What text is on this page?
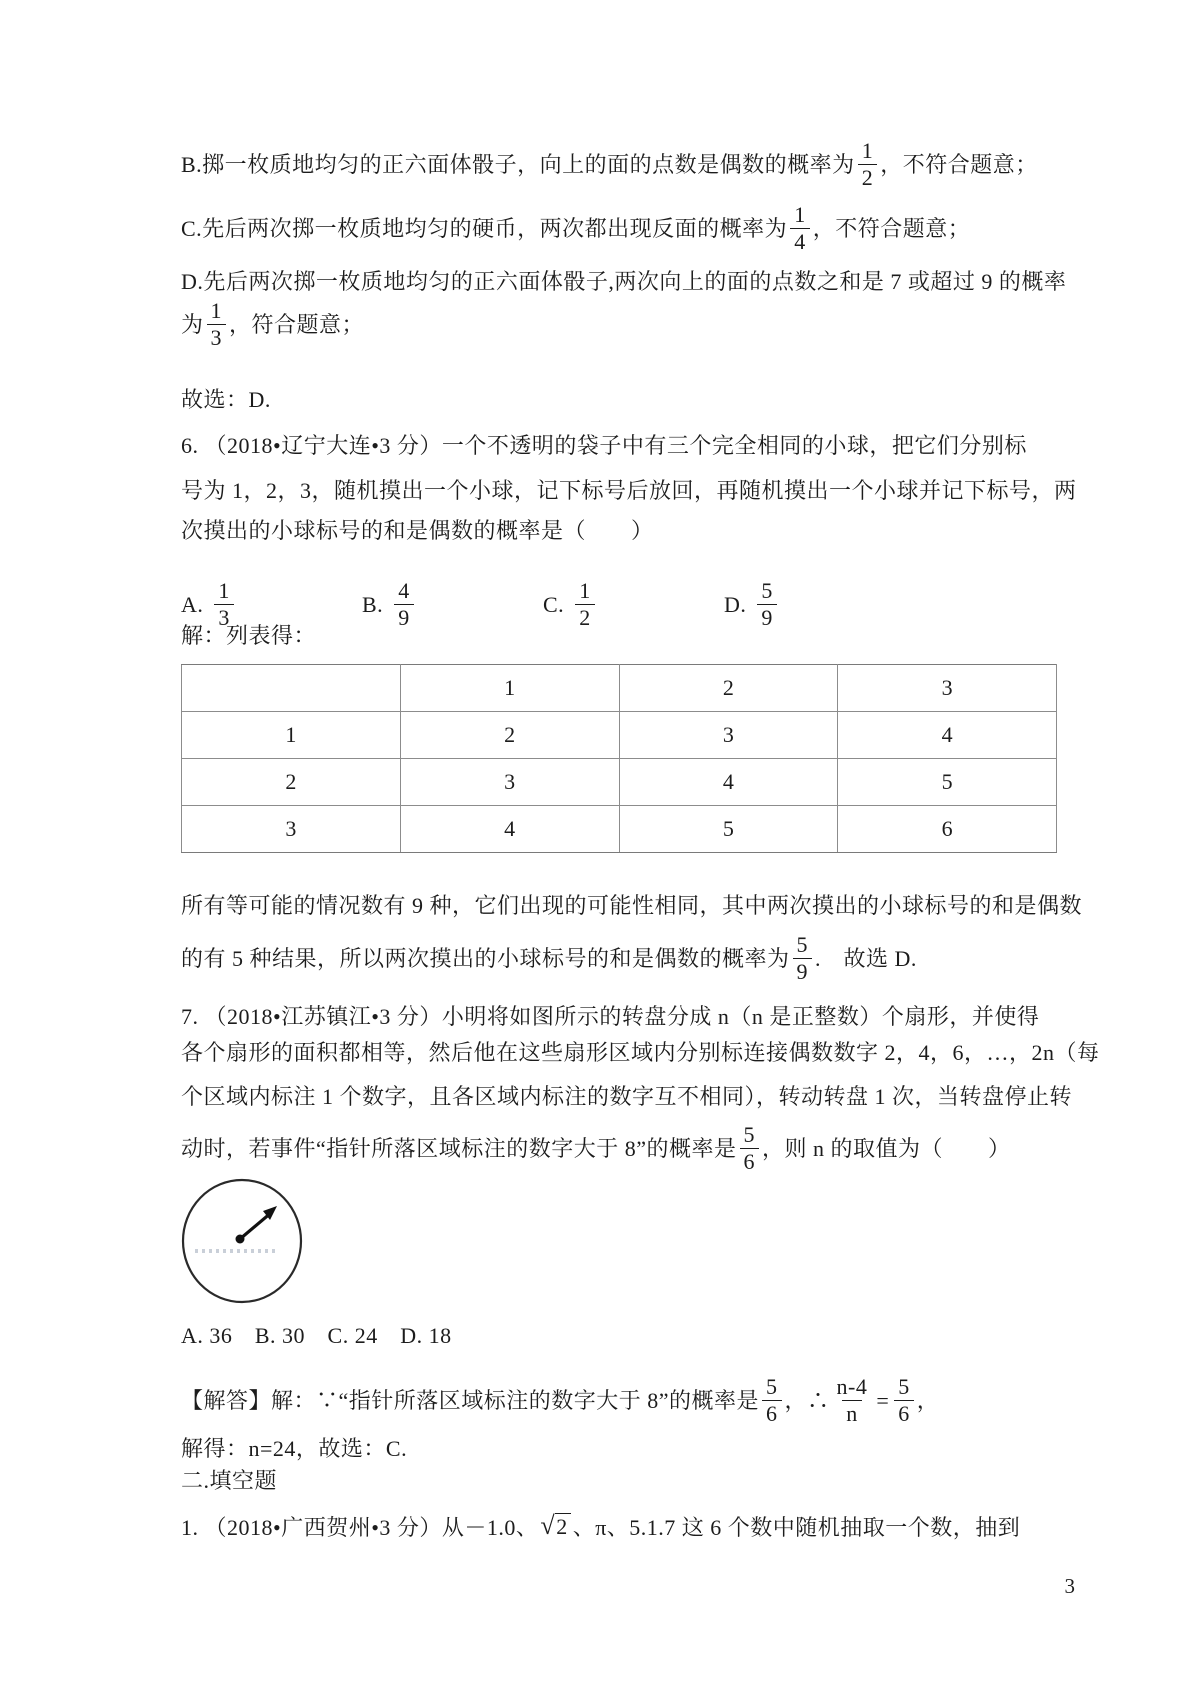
B.掷一枚质地均匀的正六面体骰子，向上的面的点数是偶数的概率为 $\frac{1}{2}$ ，不符合题意；
C.先后两次掷一枚质地均匀的硬币，两次都出现反面的概率为 $\frac{1}{4}$ ，不符合题意；
D.先后两次掷一枚质地均匀的正六面体骰子,两次向上的面的点数之和是 7 或超过 9 的概率
为 $\frac{1}{3}$ ，符合题意；
故选：D.
6. （2018•辽宁大连•3 分）一个不透明的袋子中有三个完全相同的小球，把它们分别标
号为 1，2，3，随机摸出一个小球，记下标号后放回，再随机摸出一个小球并记下标号，两
次摸出的小球标号的和是偶数的概率是（　　）
A. $\frac{1}{3}$	B. $\frac{4}{9}$	C. $\frac{1}{2}$	D. $\frac{5}{9}$
解：列表得：
	1	2	3
1	2	3	4
2	3	4	5
3	4	5	6
所有等可能的情况数有 9 种，它们出现的可能性相同，其中两次摸出的小球标号的和是偶数
的有 5 种结果，所以两次摸出的小球标号的和是偶数的概率为 $\frac{5}{9}$ .　故选 D.
7. （2018•江苏镇江•3 分）小明将如图所示的转盘分成 n（n 是正整数）个扇形，并使得
各个扇形的面积都相等，然后他在这些扇形区域内分别标连接偶数数字 2，4，6，…，2n（每
个区域内标注 1 个数字，且各区域内标注的数字互不相同），转动转盘 1 次，当转盘停止转
动时，若事件“指针所落区域标注的数字大于 8”的概率是 $\frac{5}{6}$ ，则 n 的取值为（　　）
A. 36　B. 30　C. 24　D. 18
【解答】解：∵“指针所落区域标注的数字大于 8”的概率是 $\frac{5}{6}$ ，∴ $\frac{n-4}{n} = \frac{5}{6}$ ，
解得：n=24，故选：C.
二.填空题
1. （2018•广西贺州•3 分）从－1.0、 √ 2 、π、5.1.7 这 6 个数中随机抽取一个数，抽到
3
